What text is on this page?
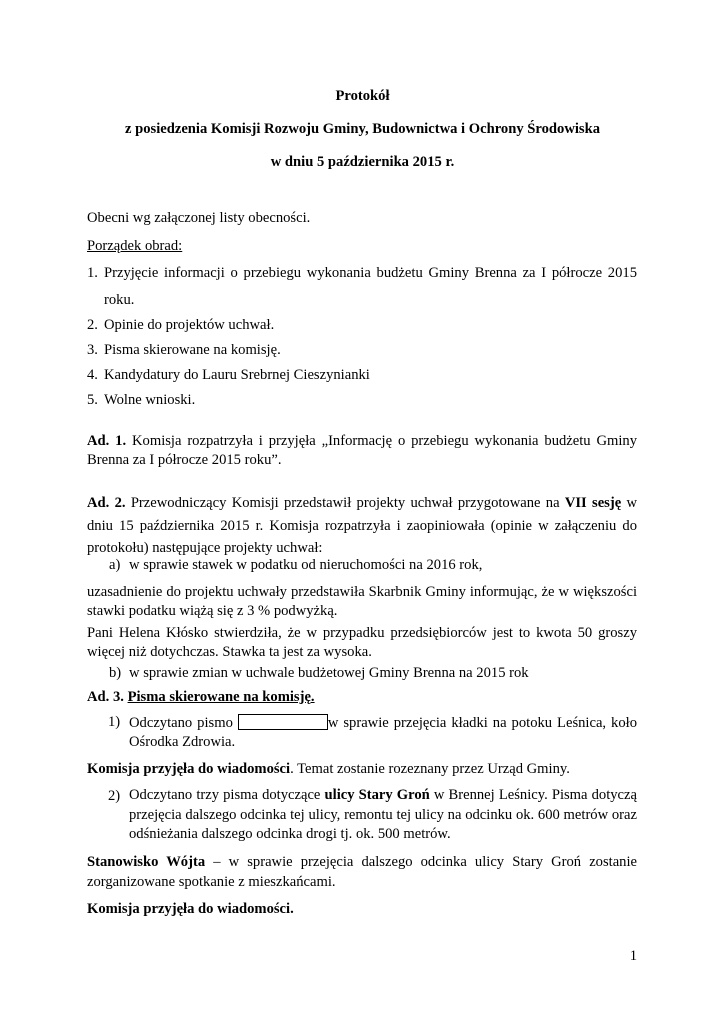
Protokół
z posiedzenia Komisji Rozwoju Gminy, Budownictwa i Ochrony Środowiska
w dniu 5 października 2015 r.
Obecni wg załączonej listy obecności.
Porządek obrad:
1. Przyjęcie informacji o przebiegu wykonania budżetu Gminy Brenna za I półrocze 2015
roku.
2. Opinie do projektów uchwał.
3. Pisma skierowane na komisję.
4. Kandydatury do Lauru Srebrnej Cieszynianki
5. Wolne wnioski.
Ad. 1. Komisja rozpatrzyła i przyjęła „Informację o przebiegu wykonania budżetu Gminy Brenna za I półrocze 2015 roku”.
Ad. 2. Przewodniczący Komisji przedstawił projekty uchwał przygotowane na VII sesję w dniu 15 października 2015 r. Komisja rozpatrzyła i zaopiniowała (opinie w załączeniu do protokołu) następujące projekty uchwał:
a) w sprawie stawek w podatku od nieruchomości na 2016 rok,
uzasadnienie do projektu uchwały przedstawiła Skarbnik Gminy informując, że w większości stawki podatku wiążą się z 3 % podwyżką.
Pani Helena Kłósko stwierdziła, że w przypadku przedsiębiorców jest to kwota 50 groszy więcej niż dotychczas. Stawka ta jest za wysoka.
b) w sprawie zmian w uchwale budżetowej Gminy Brenna na 2015 rok
Ad. 3. Pisma skierowane na komisję.
1) Odczytano pismo	w sprawie przejęcia kładki na potoku Leśnica, koło
Ośrodka Zdrowia.
Komisja przyjęła do wiadomości. Temat zostanie rozeznany przez Urząd Gminy.
2) Odczytano trzy pisma dotyczące ulicy Stary Groń w Brennej Leśnicy. Pisma dotyczą przejęcia dalszego odcinka tej ulicy, remontu tej ulicy na odcinku ok. 600 metrów oraz odśnieżania dalszego odcinka drogi tj. ok. 500 metrów.
Stanowisko Wójta – w sprawie przejęcia dalszego odcinka ulicy Stary Groń zostanie zorganizowane spotkanie z mieszkańcami.
Komisja przyjęła do wiadomości.
1
